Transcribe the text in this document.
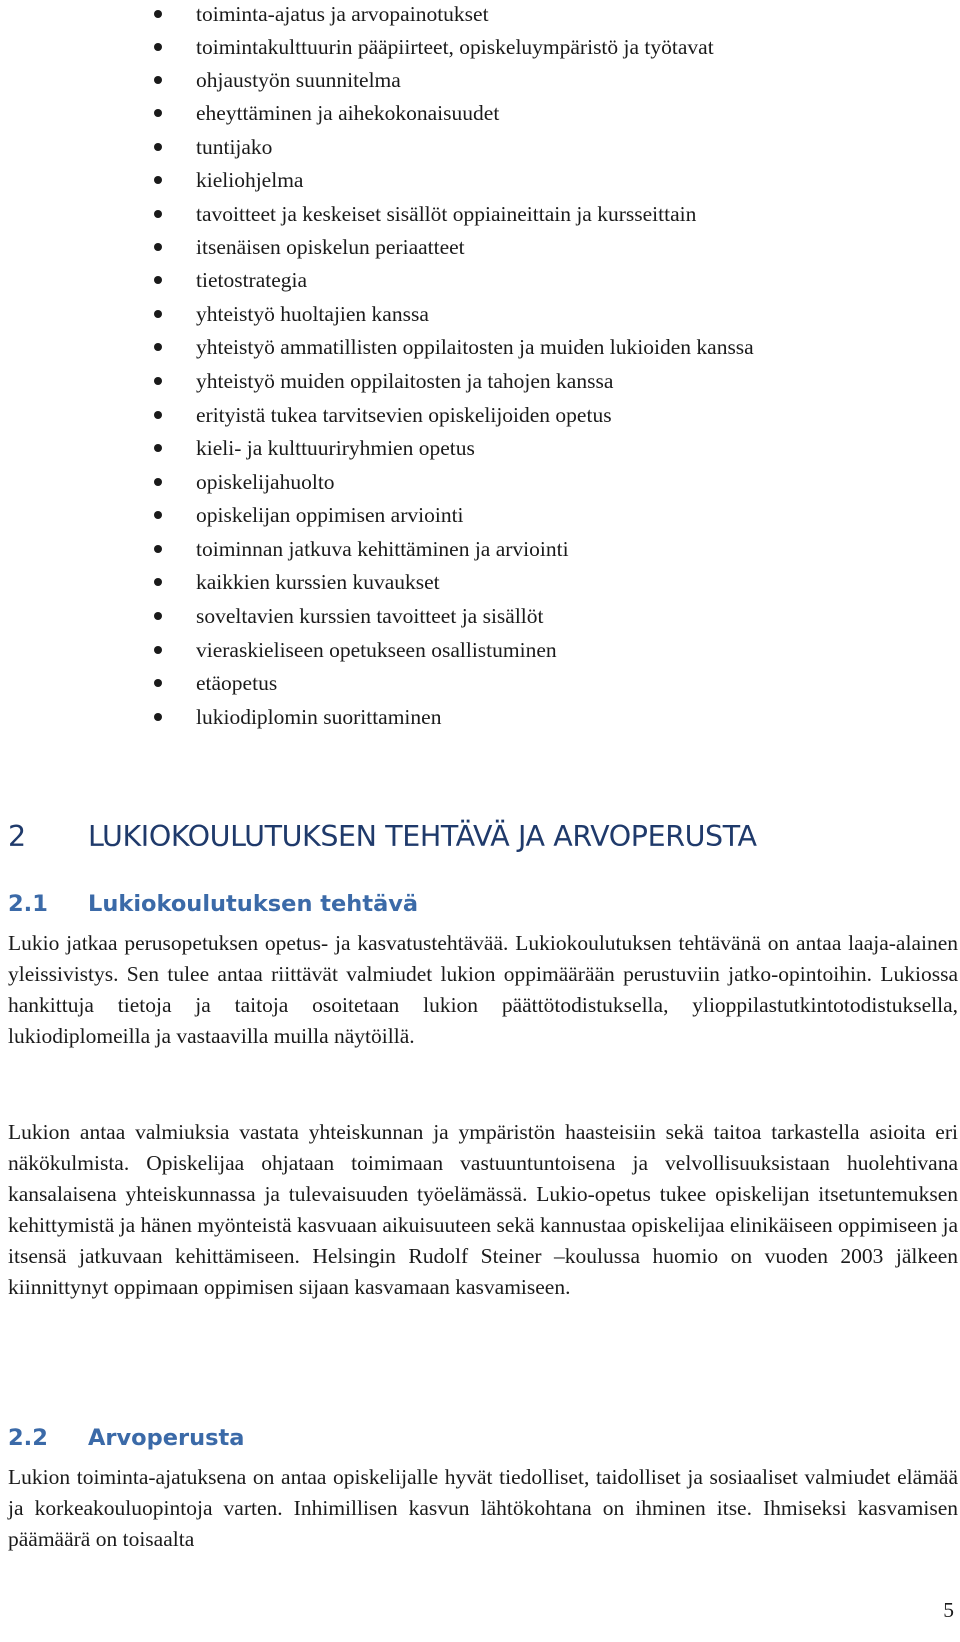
toiminta-ajatus ja arvopainotukset
toimintakulttuurin pääpiirteet, opiskeluympäristö ja työtavat
ohjaustyön suunnitelma
eheyttäminen ja aihekokonaisuudet
tuntijako
kieliohjelma
tavoitteet ja keskeiset sisällöt oppiaineittain ja kursseittain
itsenäisen opiskelun periaatteet
tietostrategia
yhteistyö huoltajien kanssa
yhteistyö ammatillisten oppilaitosten ja muiden lukioiden kanssa
yhteistyö muiden oppilaitosten ja tahojen kanssa
erityistä tukea tarvitsevien opiskelijoiden opetus
kieli- ja kulttuuriryhmien opetus
opiskelijahuolto
opiskelijan oppimisen arviointi
toiminnan jatkuva kehittäminen ja arviointi
kaikkien kurssien kuvaukset
soveltavien kurssien tavoitteet ja sisällöt
vieraskieliseen opetukseen osallistuminen
etäopetus
lukiodiplomin suorittaminen
2 LUKIOKOULUTUKSEN TEHTÄVÄ JA ARVOPERUSTA
2.1 Lukiokoulutuksen tehtävä

Lukio jatkaa perusopetuksen opetus- ja kasvatustehtävää. Lukiokoulutuksen tehtävänä on antaa laaja-alainen yleissivistys. Sen tulee antaa riittävät valmiudet lukion oppimäärään perustuviin jatko-opintoihin. Lukiossa hankittuja tietoja ja taitoja osoitetaan lukion päättötodistuksella, ylioppilastutkintotodistuksella, lukiodiplomeilla ja vastaavilla muilla näytöillä.

Lukion antaa valmiuksia vastata yhteiskunnan ja ympäristön haasteisiin sekä taitoa tarkastella asioita eri näkökulmista. Opiskelijaa ohjataan toimimaan vastuuntuntoisena ja velvollisuuksistaan huolehtivana kansalaisena yhteiskunnassa ja tulevaisuuden työelämässä. Lukio-opetus tukee opiskelijan itsetuntemuksen kehittymistä ja hänen myönteistä kasvuaan aikuisuuteen sekä kannustaa opiskelijaa elinikäiseen oppimiseen ja itsensä jatkuvaan kehittämiseen. Helsingin Rudolf Steiner –koulussa huomio on vuoden 2003 jälkeen kiinnittynyt oppimaan oppimisen sijaan kasvamaan kasvamiseen.

2.2 Arvoperusta

Lukion toiminta-ajatuksena on antaa opiskelijalle hyvät tiedolliset, taidolliset ja sosiaaliset valmiudet elämää ja korkeakouluopintoja varten. Inhimillisen kasvun lähtökohtana on ihminen itse. Ihmiseksi kasvamisen päämäärä on toisaalta

5
